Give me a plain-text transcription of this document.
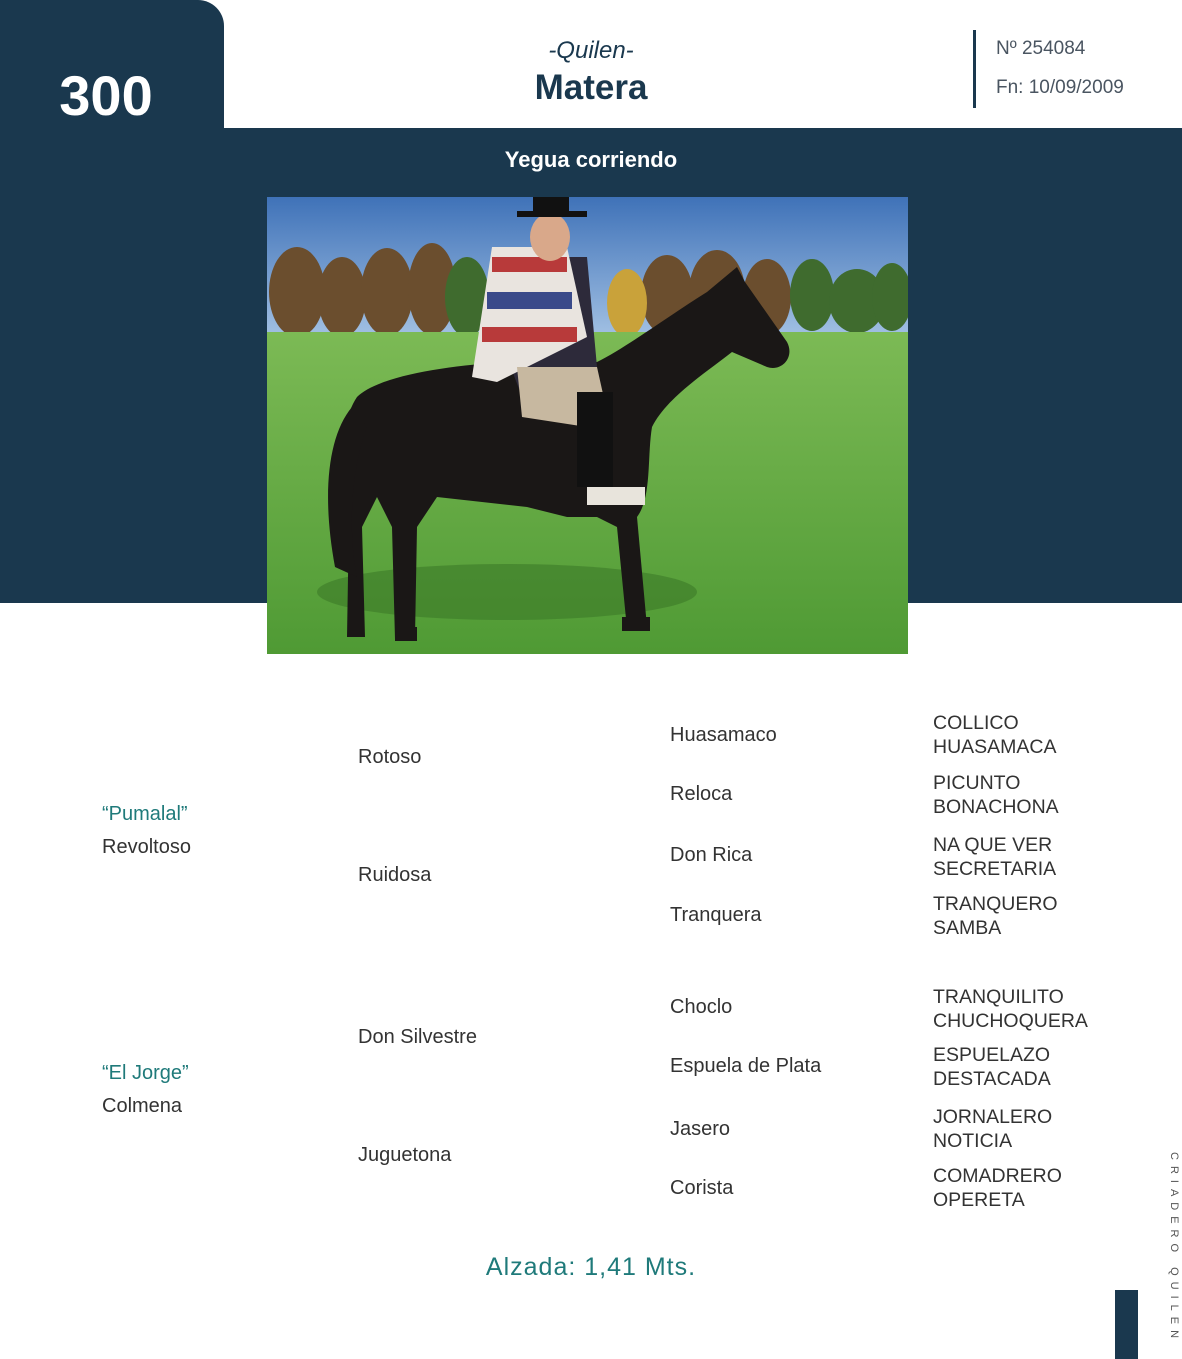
300
-Quilen-
Matera
Nº 254084
Fn: 10/09/2009
Yegua corriendo
“Pumalal”
Revoltoso
“El Jorge”
Colmena
Rotoso
Ruidosa
Don Silvestre
Juguetona
Huasamaco
Reloca
Don Rica
Tranquera
Choclo
Espuela de Plata
Jasero
Corista
COLLICO
HUASAMACA
PICUNTO
BONACHONA
NA QUE VER
SECRETARIA
TRANQUERO
SAMBA
TRANQUILITO
CHUCHOQUERA
ESPUELAZO
DESTACADA
JORNALERO
NOTICIA
COMADRERO
OPERETA
Alzada: 1,41 Mts.	CRIADERO QUILEN
